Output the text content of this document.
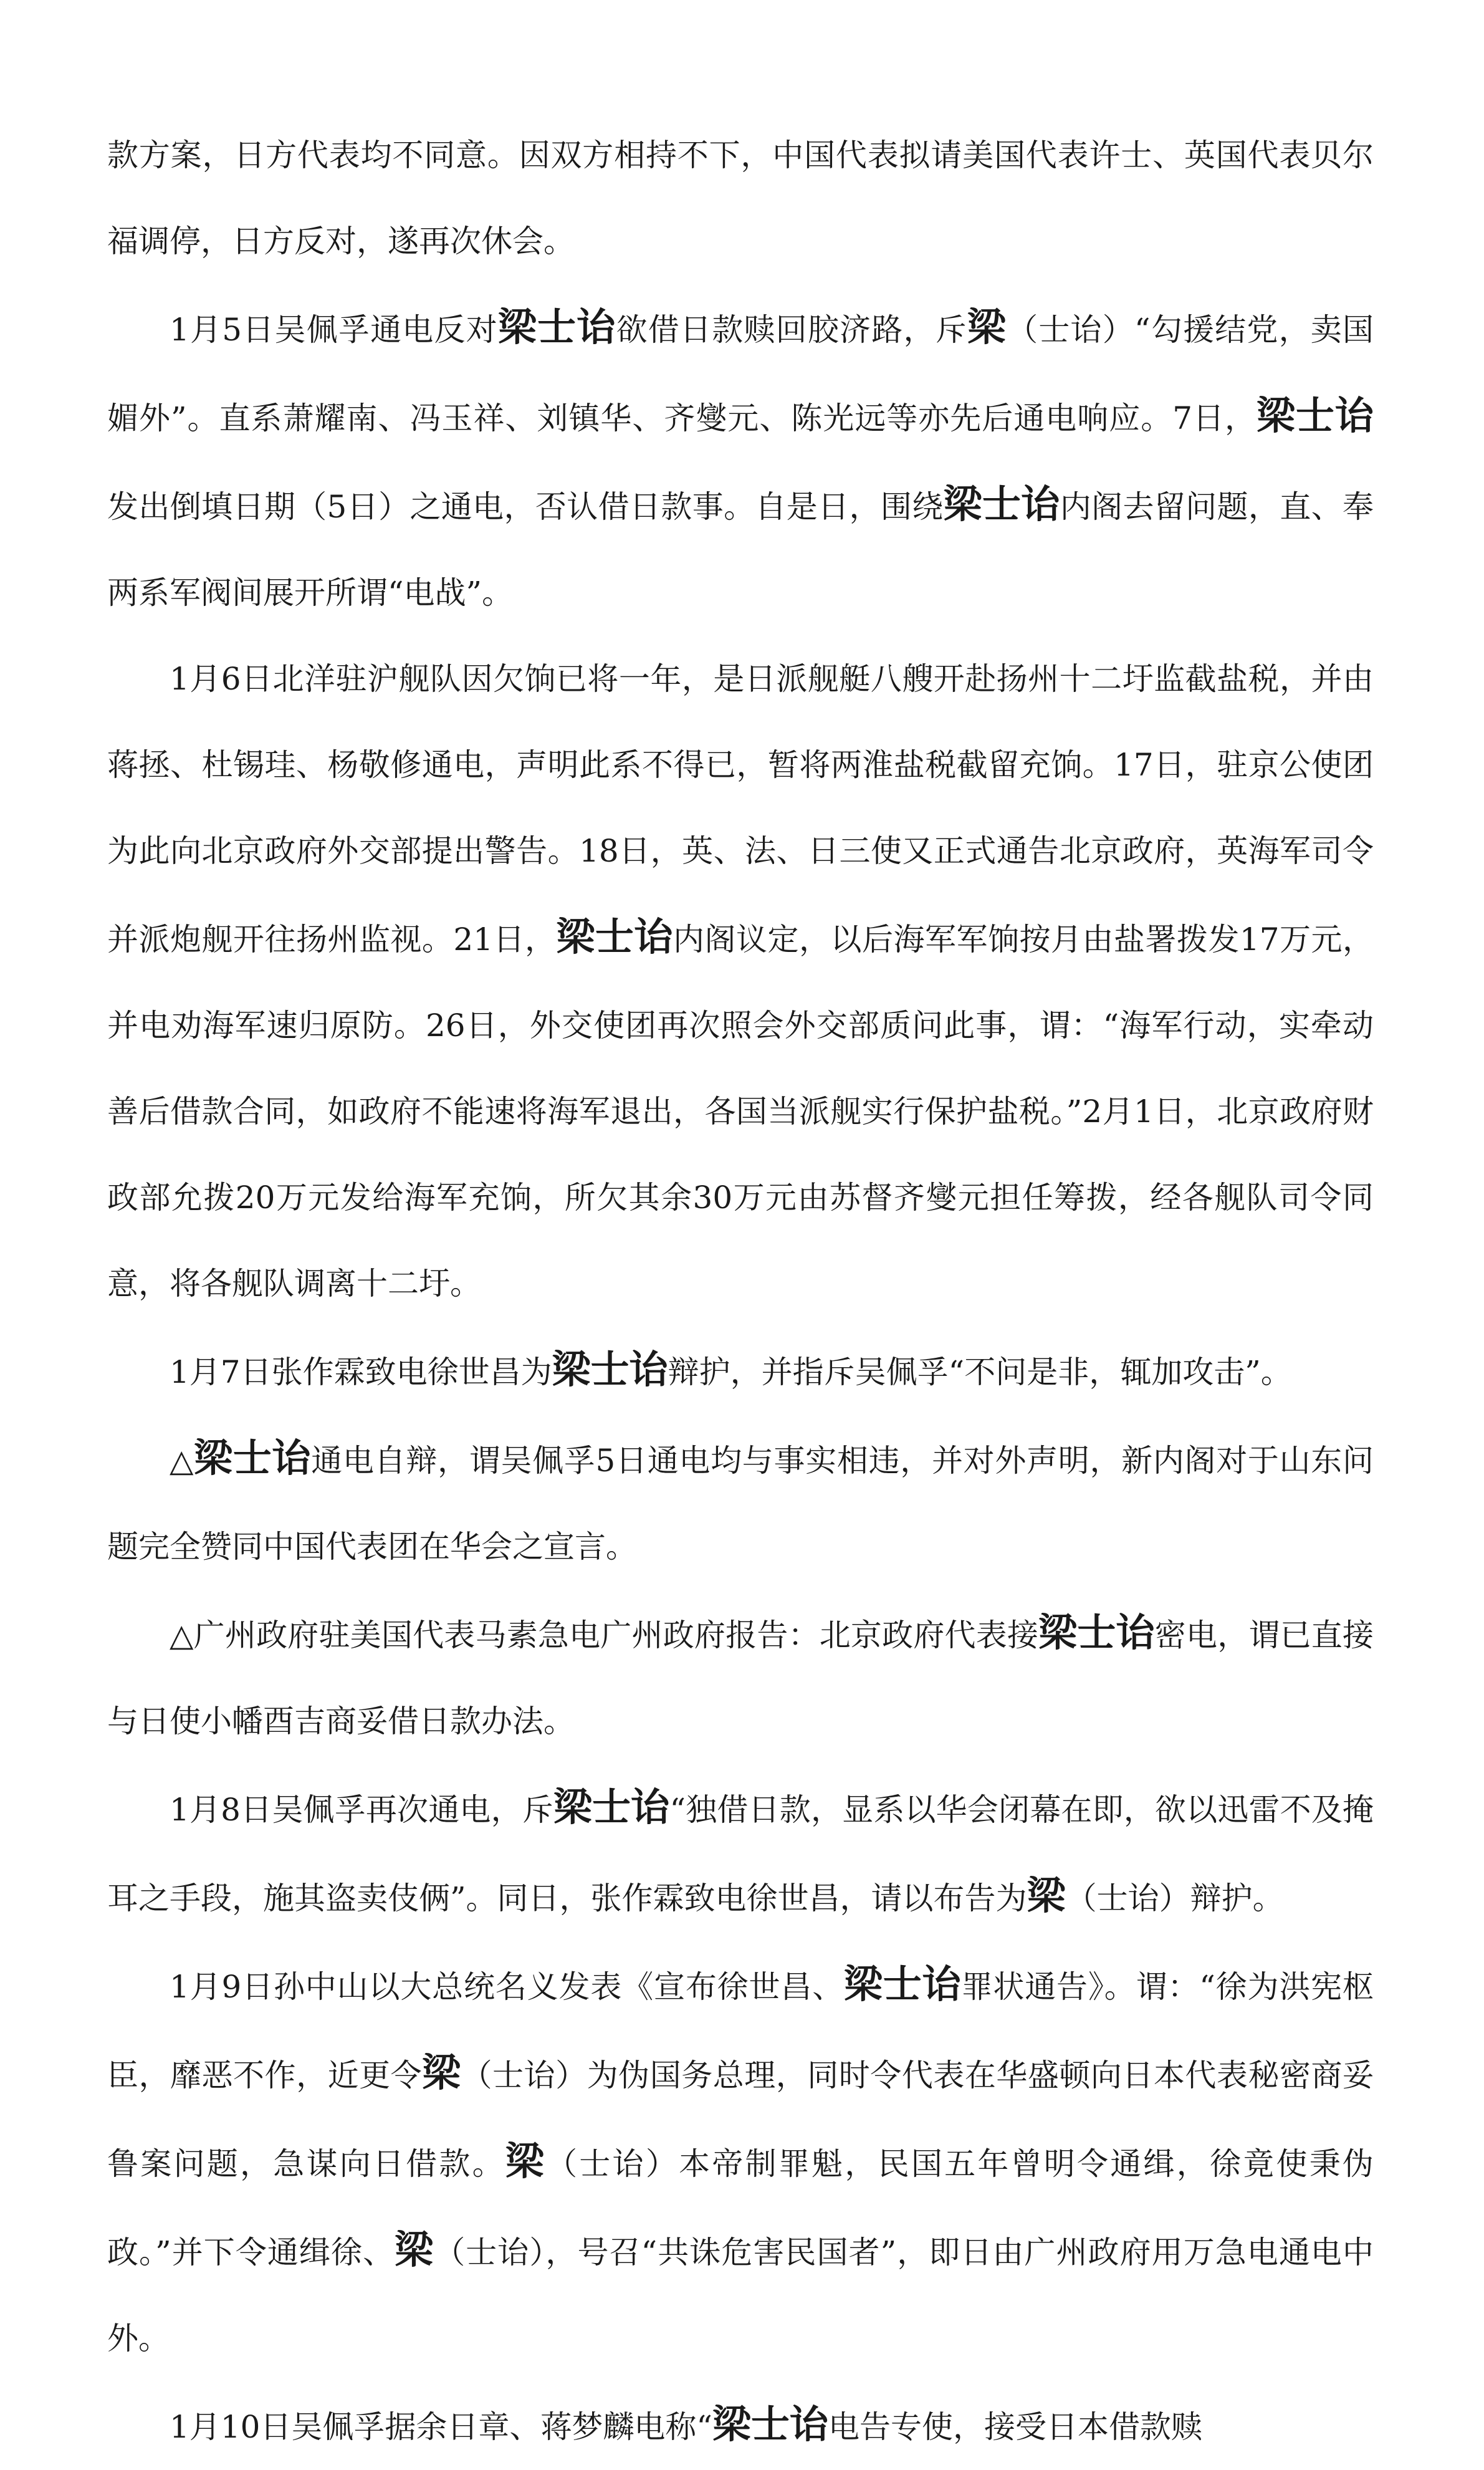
款方案，日方代表均不同意。因双方相持不下，中国代表拟请美国代表许士、英国代表贝尔福调停，日方反对，遂再次休会。

1月5日吴佩孚通电反对梁士诒欲借日款赎回胶济路，斥梁（士诒）“勾援结党，卖国媚外”。直系萧耀南、冯玉祥、刘镇华、齐燮元、陈光远等亦先后通电响应。7日，梁士诒发出倒填日期（5日）之通电，否认借日款事。自是日，围绕梁士诒内阁去留问题，直、奉两系军阀间展开所谓“电战”。

1月6日北洋驻沪舰队因欠饷已将一年，是日派舰艇八艘开赴扬州十二圩监截盐税，并由蒋拯、杜锡珪、杨敬修通电，声明此系不得已，暂将两淮盐税截留充饷。17日，驻京公使团为此向北京政府外交部提出警告。18日，英、法、日三使又正式通告北京政府，英海军司令并派炮舰开往扬州监视。21日，梁士诒内阁议定，以后海军军饷按月由盐署拨发17万元，并电劝海军速归原防。26日，外交使团再次照会外交部质问此事，谓：“海军行动，实牵动善后借款合同，如政府不能速将海军退出，各国当派舰实行保护盐税。”2月1日，北京政府财政部允拨20万元发给海军充饷，所欠其余30万元由苏督齐燮元担任筹拨，经各舰队司令同意，将各舰队调离十二圩。

1月7日张作霖致电徐世昌为梁士诒辩护，并指斥吴佩孚“不问是非，辄加攻击”。

△梁士诒通电自辩，谓吴佩孚5日通电均与事实相违，并对外声明，新内阁对于山东问题完全赞同中国代表团在华会之宣言。

△广州政府驻美国代表马素急电广州政府报告：北京政府代表接梁士诒密电，谓已直接与日使小幡酉吉商妥借日款办法。

1月8日吴佩孚再次通电，斥梁士诒“独借日款，显系以华会闭幕在即，欲以迅雷不及掩耳之手段，施其盗卖伎俩”。同日，张作霖致电徐世昌，请以布告为梁（士诒）辩护。

1月9日孙中山以大总统名义发表《宣布徐世昌、梁士诒罪状通告》。谓：“徐为洪宪枢臣，靡恶不作，近更令梁（士诒）为伪国务总理，同时令代表在华盛顿向日本代表秘密商妥鲁案问题，急谋向日借款。梁（士诒）本帝制罪魁，民国五年曾明令通缉，徐竟使秉伪政。”并下令通缉徐、梁（士诒），号召“共诛危害民国者”，即日由广州政府用万急电通电中外。

1月10日吴佩孚据余日章、蒋梦麟电称“梁士诒电告专使，接受日本借款赎
